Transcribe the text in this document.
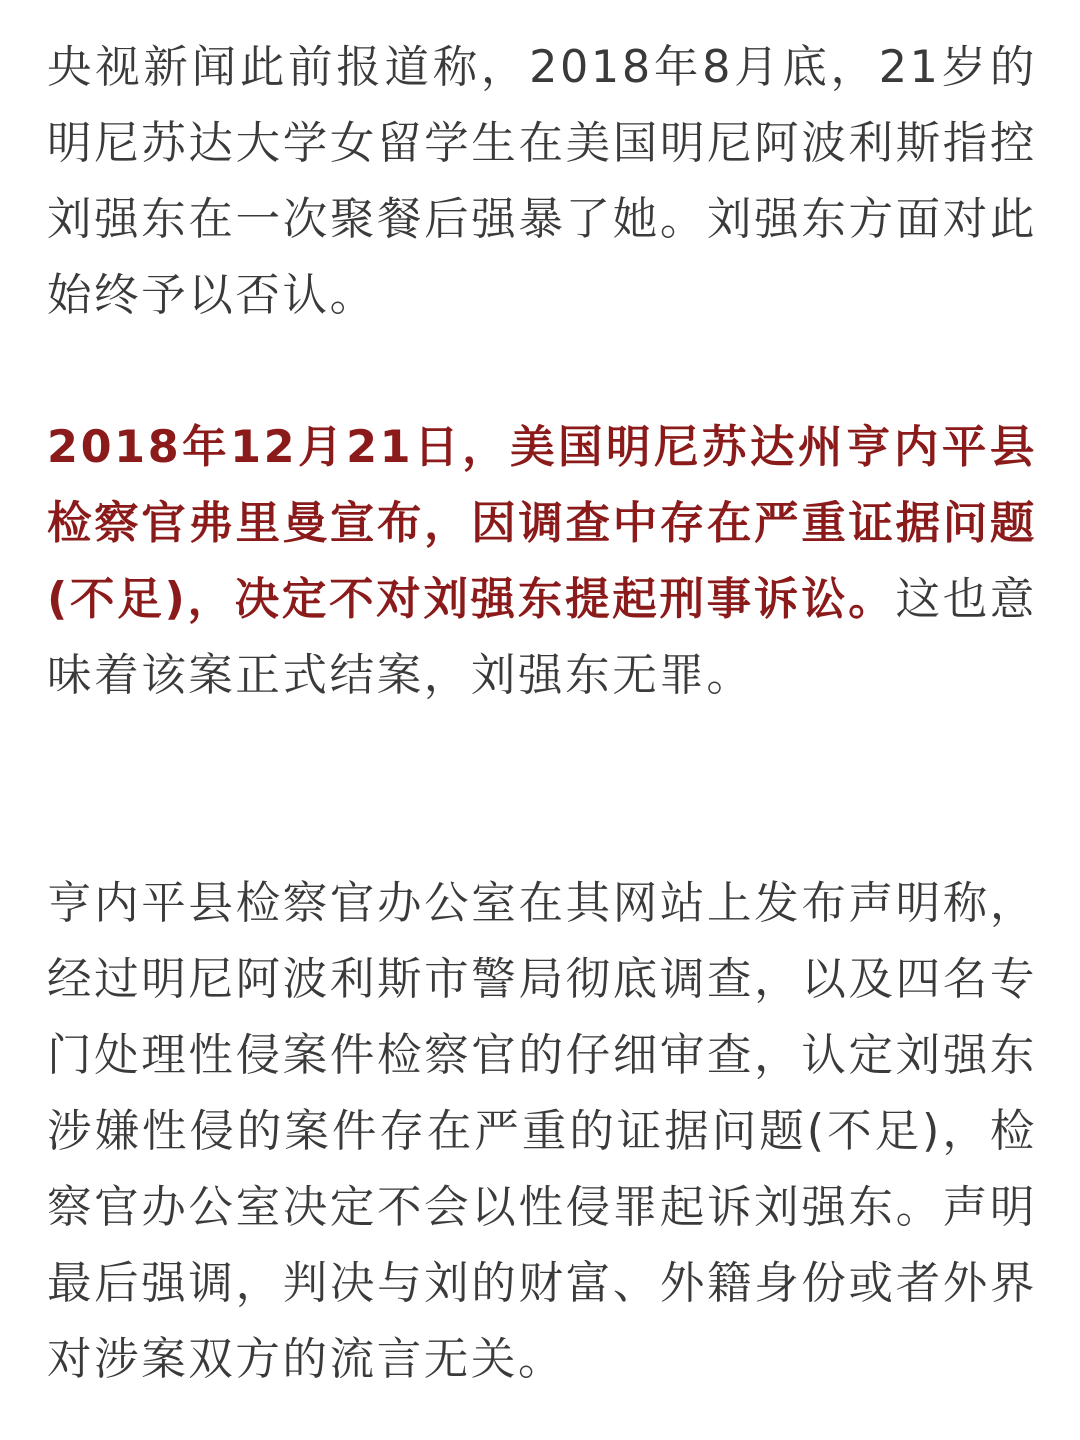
央视新闻此前报道称，2018年8月底，21岁的明尼苏达大学女留学生在美国明尼阿波利斯指控刘强东在一次聚餐后强暴了她。刘强东方面对此始终予以否认。

2018年12月21日，美国明尼苏达州亨内平县检察官弗里曼宣布，因调查中存在严重证据问题(不足)，决定不对刘强东提起刑事诉讼。这也意味着该案正式结案，刘强东无罪。

亨内平县检察官办公室在其网站上发布声明称，经过明尼阿波利斯市警局彻底调查，以及四名专门处理性侵案件检察官的仔细审查，认定刘强东涉嫌性侵的案件存在严重的证据问题(不足)，检察官办公室决定不会以性侵罪起诉刘强东。声明最后强调，判决与刘的财富、外籍身份或者外界对涉案双方的流言无关。
